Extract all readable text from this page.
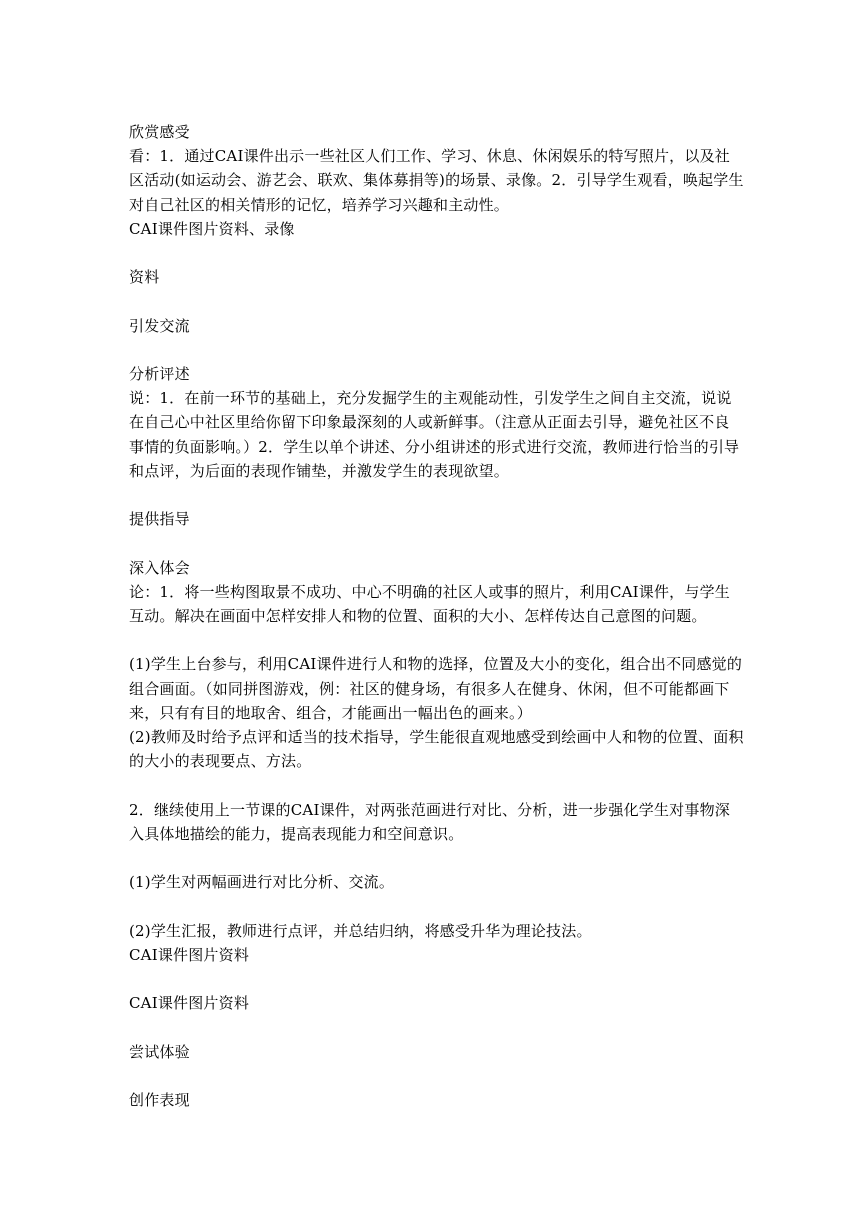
欣赏感受

看：1．通过CAI课件出示一些社区人们工作、学习、休息、休闲娱乐的特写照片，以及社区活动(如运动会、游艺会、联欢、集体募捐等)的场景、录像。2．引导学生观看，唤起学生对自己社区的相关情形的记忆，培养学习兴趣和主动性。

CAI课件图片资料、录像

资料

引发交流

分析评述

说：1．在前一环节的基础上，充分发掘学生的主观能动性，引发学生之间自主交流，说说在自己心中社区里给你留下印象最深刻的人或新鲜事。（注意从正面去引导，避免社区不良事情的负面影响。）2．学生以单个讲述、分小组讲述的形式进行交流，教师进行恰当的引导和点评，为后面的表现作铺垫，并激发学生的表现欲望。

提供指导

深入体会

论：1．将一些构图取景不成功、中心不明确的社区人或事的照片，利用CAI课件，与学生互动。解决在画面中怎样安排人和物的位置、面积的大小、怎样传达自己意图的问题。

(1)学生上台参与，利用CAI课件进行人和物的选择，位置及大小的变化，组合出不同感觉的组合画面。（如同拼图游戏，例：社区的健身场，有很多人在健身、休闲，但不可能都画下来，只有有目的地取舍、组合，才能画出一幅出色的画来。）

(2)教师及时给予点评和适当的技术指导，学生能很直观地感受到绘画中人和物的位置、面积的大小的表现要点、方法。

2．继续使用上一节课的CAI课件，对两张范画进行对比、分析，进一步强化学生对事物深入具体地描绘的能力，提高表现能力和空间意识。

(1)学生对两幅画进行对比分析、交流。

(2)学生汇报，教师进行点评，并总结归纳，将感受升华为理论技法。

CAI课件图片资料

CAI课件图片资料

尝试体验

创作表现
